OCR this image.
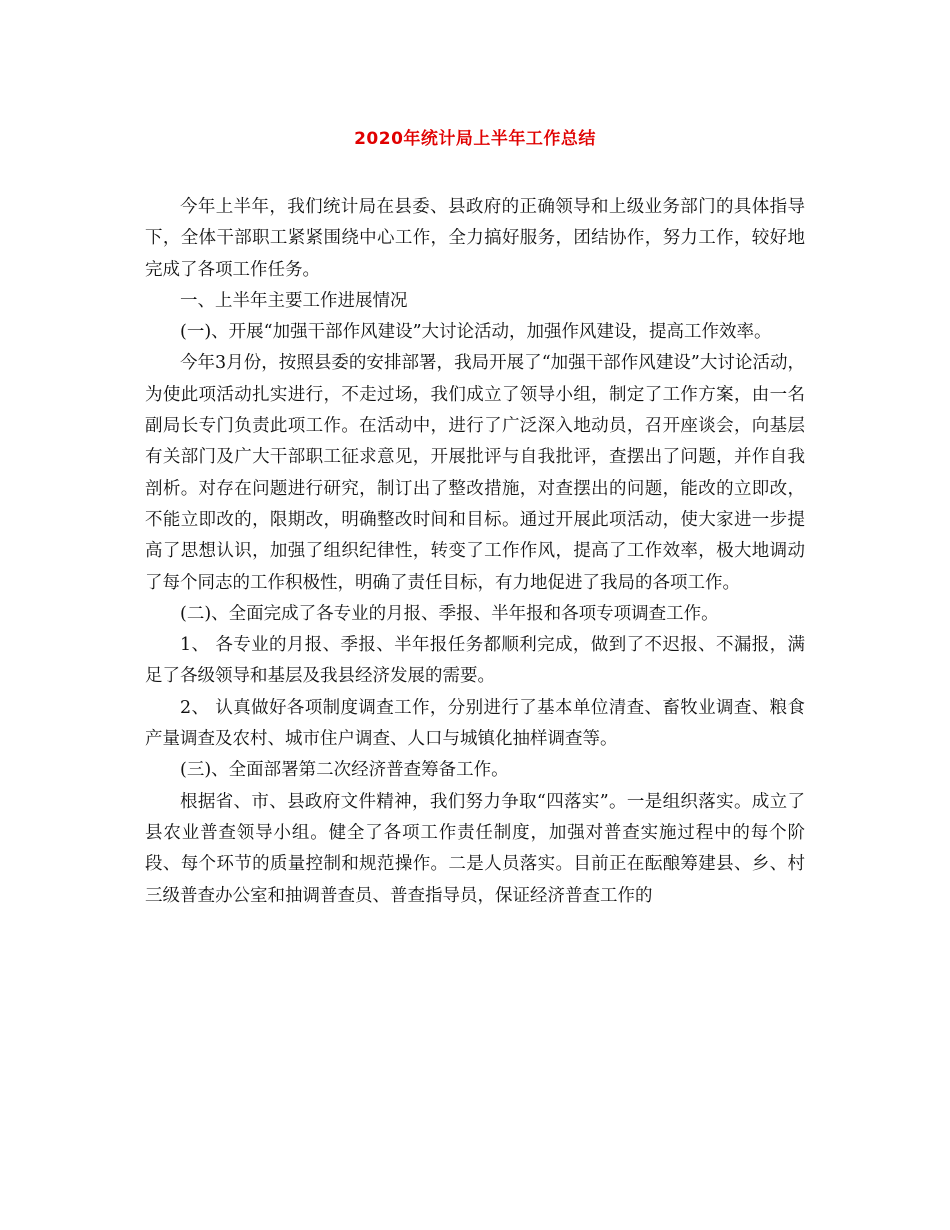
2020年统计局上半年工作总结

今年上半年，我们统计局在县委、县政府的正确领导和上级业务部门的具体指导下，全体干部职工紧紧围绕中心工作，全力搞好服务，团结协作，努力工作，较好地完成了各项工作任务。

一、上半年主要工作进展情况

(一)、开展“加强干部作风建设”大讨论活动，加强作风建设，提高工作效率。

今年3月份，按照县委的安排部署，我局开展了“加强干部作风建设”大讨论活动，为使此项活动扎实进行，不走过场，我们成立了领导小组，制定了工作方案，由一名副局长专门负责此项工作。在活动中，进行了广泛深入地动员，召开座谈会，向基层有关部门及广大干部职工征求意见，开展批评与自我批评，查摆出了问题，并作自我剖析。对存在问题进行研究，制订出了整改措施，对查摆出的问题，能改的立即改，不能立即改的，限期改，明确整改时间和目标。通过开展此项活动，使大家进一步提高了思想认识，加强了组织纪律性，转变了工作作风，提高了工作效率，极大地调动了每个同志的工作积极性，明确了责任目标，有力地促进了我局的各项工作。

(二)、全面完成了各专业的月报、季报、半年报和各项专项调查工作。

1、 各专业的月报、季报、半年报任务都顺利完成，做到了不迟报、不漏报，满足了各级领导和基层及我县经济发展的需要。

2、 认真做好各项制度调查工作，分别进行了基本单位清查、畜牧业调查、粮食产量调查及农村、城市住户调查、人口与城镇化抽样调查等。

(三)、全面部署第二次经济普查筹备工作。

根据省、市、县政府文件精神，我们努力争取“四落实”。一是组织落实。成立了县农业普查领导小组。健全了各项工作责任制度，加强对普查实施过程中的每个阶段、每个环节的质量控制和规范操作。二是人员落实。目前正在酝酿筹建县、乡、村三级普查办公室和抽调普查员、普查指导员，保证经济普查工作的
